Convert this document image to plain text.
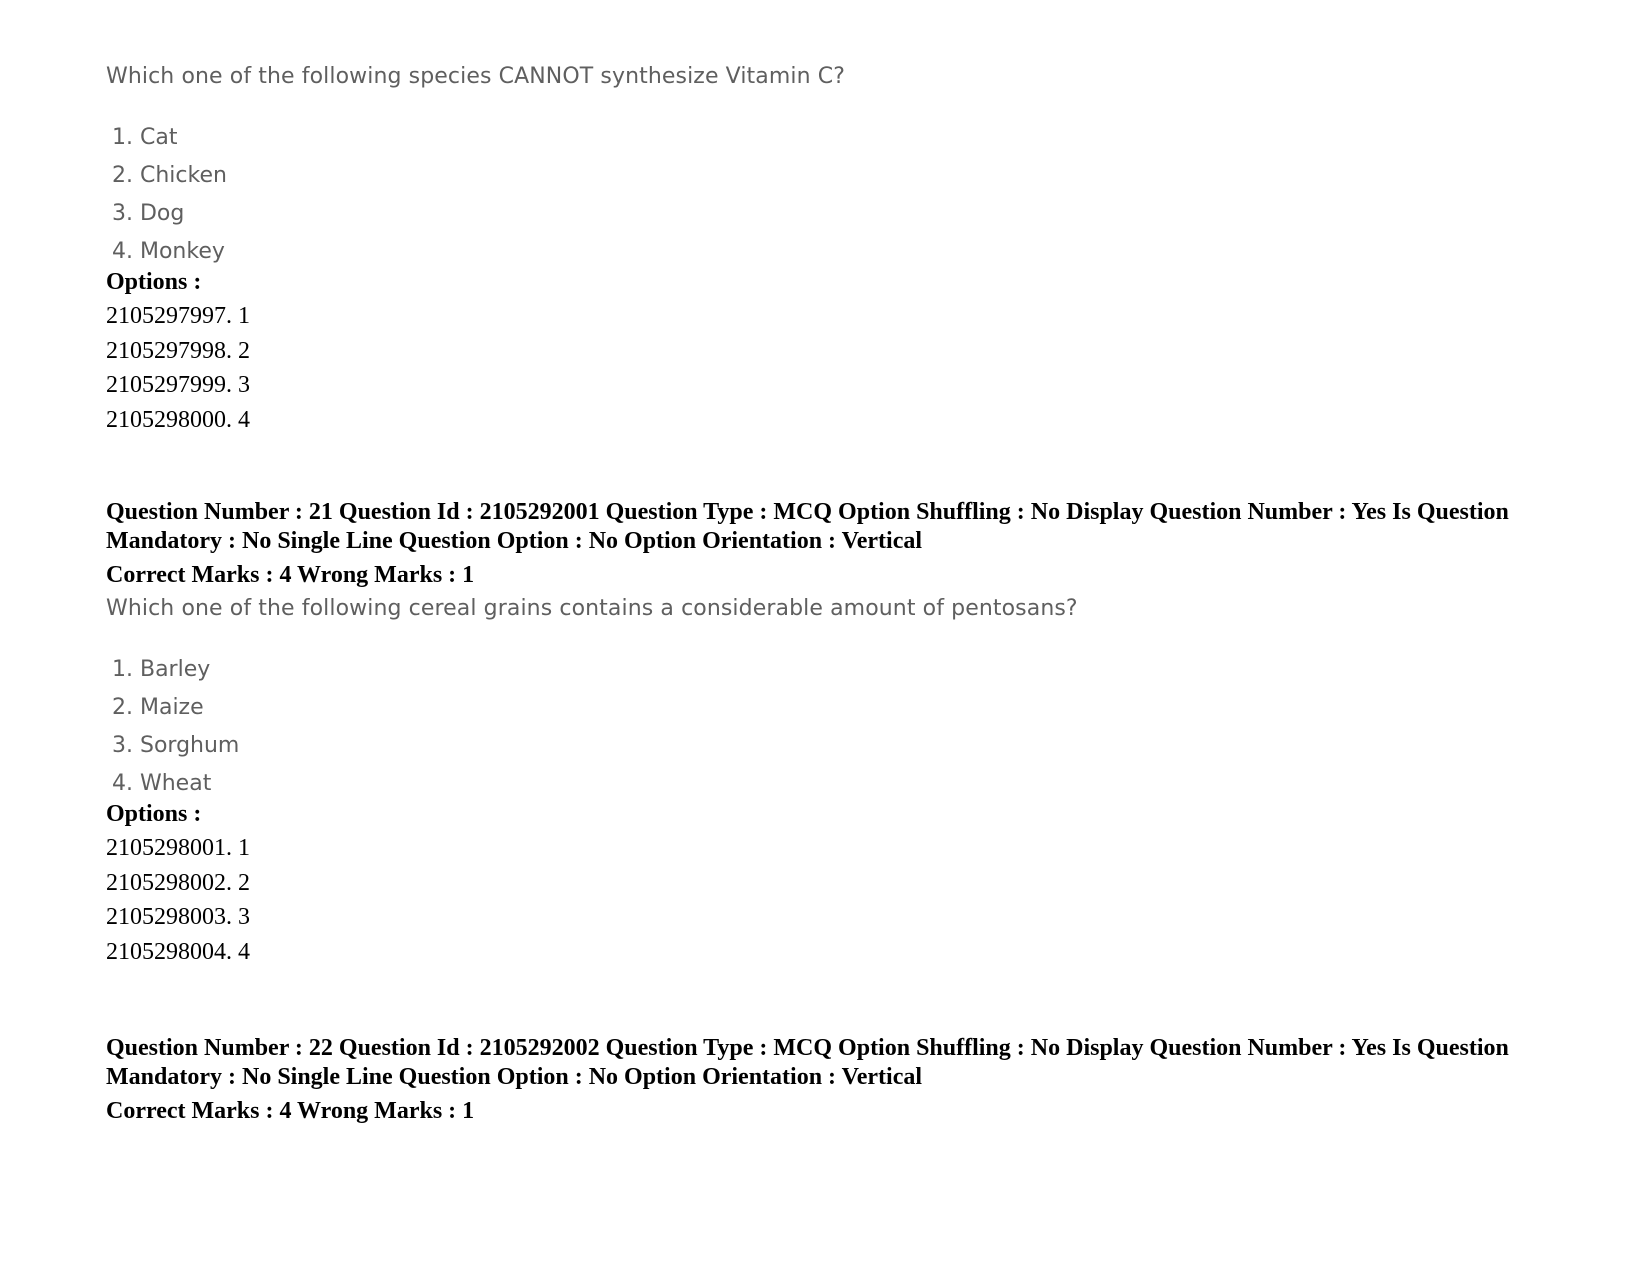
Which one of the following species CANNOT synthesize Vitamin C?

1. Cat
2. Chicken
3. Dog
4. Monkey
Options :
2105297997. 1
2105297998. 2
2105297999. 3
2105298000. 4
Question Number : 21 Question Id : 2105292001 Question Type : MCQ Option Shuffling : No Display Question Number : Yes Is Question Mandatory : No Single Line Question Option : No Option Orientation : Vertical
Correct Marks : 4 Wrong Marks : 1

Which one of the following cereal grains contains a considerable amount of pentosans?

1. Barley
2. Maize
3. Sorghum
4. Wheat
Options :
2105298001. 1
2105298002. 2
2105298003. 3
2105298004. 4
Question Number : 22 Question Id : 2105292002 Question Type : MCQ Option Shuffling : No Display Question Number : Yes Is Question Mandatory : No Single Line Question Option : No Option Orientation : Vertical
Correct Marks : 4 Wrong Marks : 1
